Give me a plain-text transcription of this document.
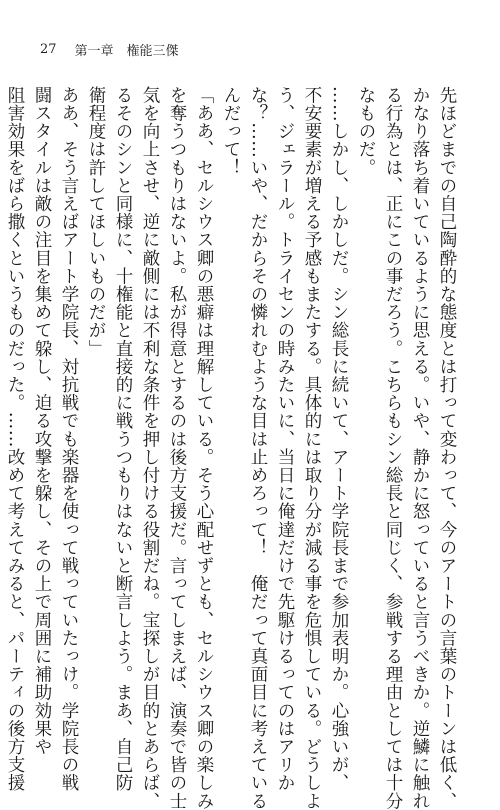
27 第一章　権能三傑
先ほどまでの自己陶酔的な態度とは打って変わって、今のアートの言葉のトーンは低く、
かなり落ち着いているように思える。いや、静かに怒っていると言うべきか。逆鱗に触れ
る行為とは、正にこの事だろう。こちらもシン総長と同じく、参戦する理由としては十分
なものだ。
……しかし、しかしだ。シン総長に続いて、アート学院長まで参加表明か。心強いが、
不安要素が増える予感もまたする。具体的には取り分が減る事を危惧している。どうしよ
う、ジェラール。トライセンの時みたいに、当日に俺達だけで先駆けるってのはアリか
な？……いや、だからその憐れむような目は止めろって！　俺だって真面目に考えている
んだって！
「ああ、セルシウス卿の悪癖は理解している。そう心配せずとも、セルシウス卿の楽しみ
を奪うつもりはないよ。私が得意とするのは後方支援だ。言ってしまえば、演奏で皆の士
気を向上させ、逆に敵側には不利な条件を押し付ける役割だね。宝探しが目的とあらば、
るそのシンと同様に、十権能と直接的に戦うつもりはないと断言しよう。まあ、自己防
衛程度は許してほしいものだが」
ああ、そう言えばアート学院長、対抗戦でも楽器を使って戦っていたっけ。学院長の戦
闘スタイルは敵の注目を集めて躱し、迫る攻撃を躱し、その上で周囲に補助効果や
阻害効果をばら撒くというものだった。……改めて考えてみると、パーティの後方支援
